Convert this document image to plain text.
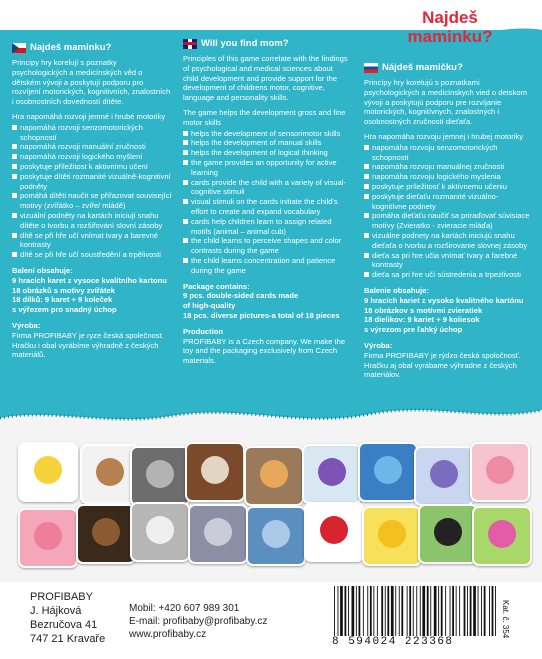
Najdeš maminku?
Najdeš maminku?

Principy hry korelují s poznatky psychologických a medicínských věd o dětském vývoji a poskytují podporu pro rozvíjení motorických, kognitivních, znalostních i osobnostních dovedností dítěte.

Hra napomáhá rozvoji jemné i hrubé motoriky

napomáhá rozvoji senzomotorických schopností
napomáhá rozvoji manuální zručnosti
napomáhá rozvoji logického myšlení
poskytuje příležitost k aktivnímu učení
poskytuje dítěti rozmanité vizuálně-kognitivní podněty
pomáhá dítěti naučit se přiřazovat související motivy (zvířátko – zvíře/ mládě)
vizuální podněty na kartách iniciují snahu dítěte o tvorbu a rozšiřování slovní zásoby
dítě se při hře učí vnímat tvary a barevné kontrasty
dítě se při hře učí soustředění a trpělivosti
Balení obsahuje:
9 hracích karet z vysoce kvalitního kartonu
18 obrázků s motivy zvířátek
18 dílků: 9 karet + 9 koleček
s výřezem pro snadný úchop
Výroba:

Firma PROFIBABY je ryze česká společnost. Hračku i obal vyrábíme výhradně z českých materiálů.

Will you find mom?

Principles of this game correlate with the findings of psychological and medical sciences about child development and provide support for the development of childrens motor, cognitive, language and personality skills.

The game helps the development gross and fine motor skills

helps the development of sensorimotor skills
helps the development of manual skills
helps the development of logical thinking
the game provides an opportunity for active learning
cards provide the child with a variety of visual-cognitive stimuli
visual stimuli on the cards initiate the child's effort to create and expand vocabulary
cards help children learn to assign related motifs (animal – animal cub)
the child learns to perceive shapes and color contrasts during the game
the child learns concentration and patience during the game
Package contains:
9 pcs. double-sided cards made
of high-quality
18 pcs. diverse pictures-a total of 18 pieces
Production

PROFIBABY is a Czech company. We make the toy and the packaging exclusively from Czech materials.

Nájdeš mamičku?

Princípy hry korelujú s poznatkami psychologických a medicínskych vied o detskom vývoji a poskytujú podporu pre rozvíjanie motorických, kognitívnych, znalostných i osobnostných zručností dieťaťa.

Hra napomáha rozvoju jemnej i hrubej motoriky

napomáha rozvoju senzomotorických schopností
napomáha rozvoju manuálnej zručnosti
napomáha rozvoju logického myslenia
poskytuje príležitosť k aktívnemu učeniu
poskytuje dieťaťu rozmanité vizuálno-kognitívne podnety
pomáha dieťaťu naučiť sa priraďovať súvisiace motívy (Zvieratko - zvieracie mláďa)
vizuálne podnety na kartách iniciujú snahu dieťaťa o tvorbu a rozširovanie slovnej zásoby
dieťa sa pri hre učia vnímať tvary a farebné kontrasty
dieťa sa pri hre učí sústredenia a trpezlivosti
Balenie obsahuje:
9 hracích kariet z vysoko kvalitného kartónu
18 obrázkov s motívmi zvieratiek
18 dielikov: 9 kariet + 9 koliesok
s výrezom pre ľahký úchop
Výroba:

Firma PROFIBABY je rýdzo česká spoločnosť. Hračku aj obal vyrábame výhradne z českých materiálov.

PROFIBABY
J. Hájková
Bezručova 41
747 21 Kravaře
Mobil: +420 607 989 301
E-mail: profibaby@profibaby.cz
www.profibaby.cz
8 594024 223368
Kat. č. 354
